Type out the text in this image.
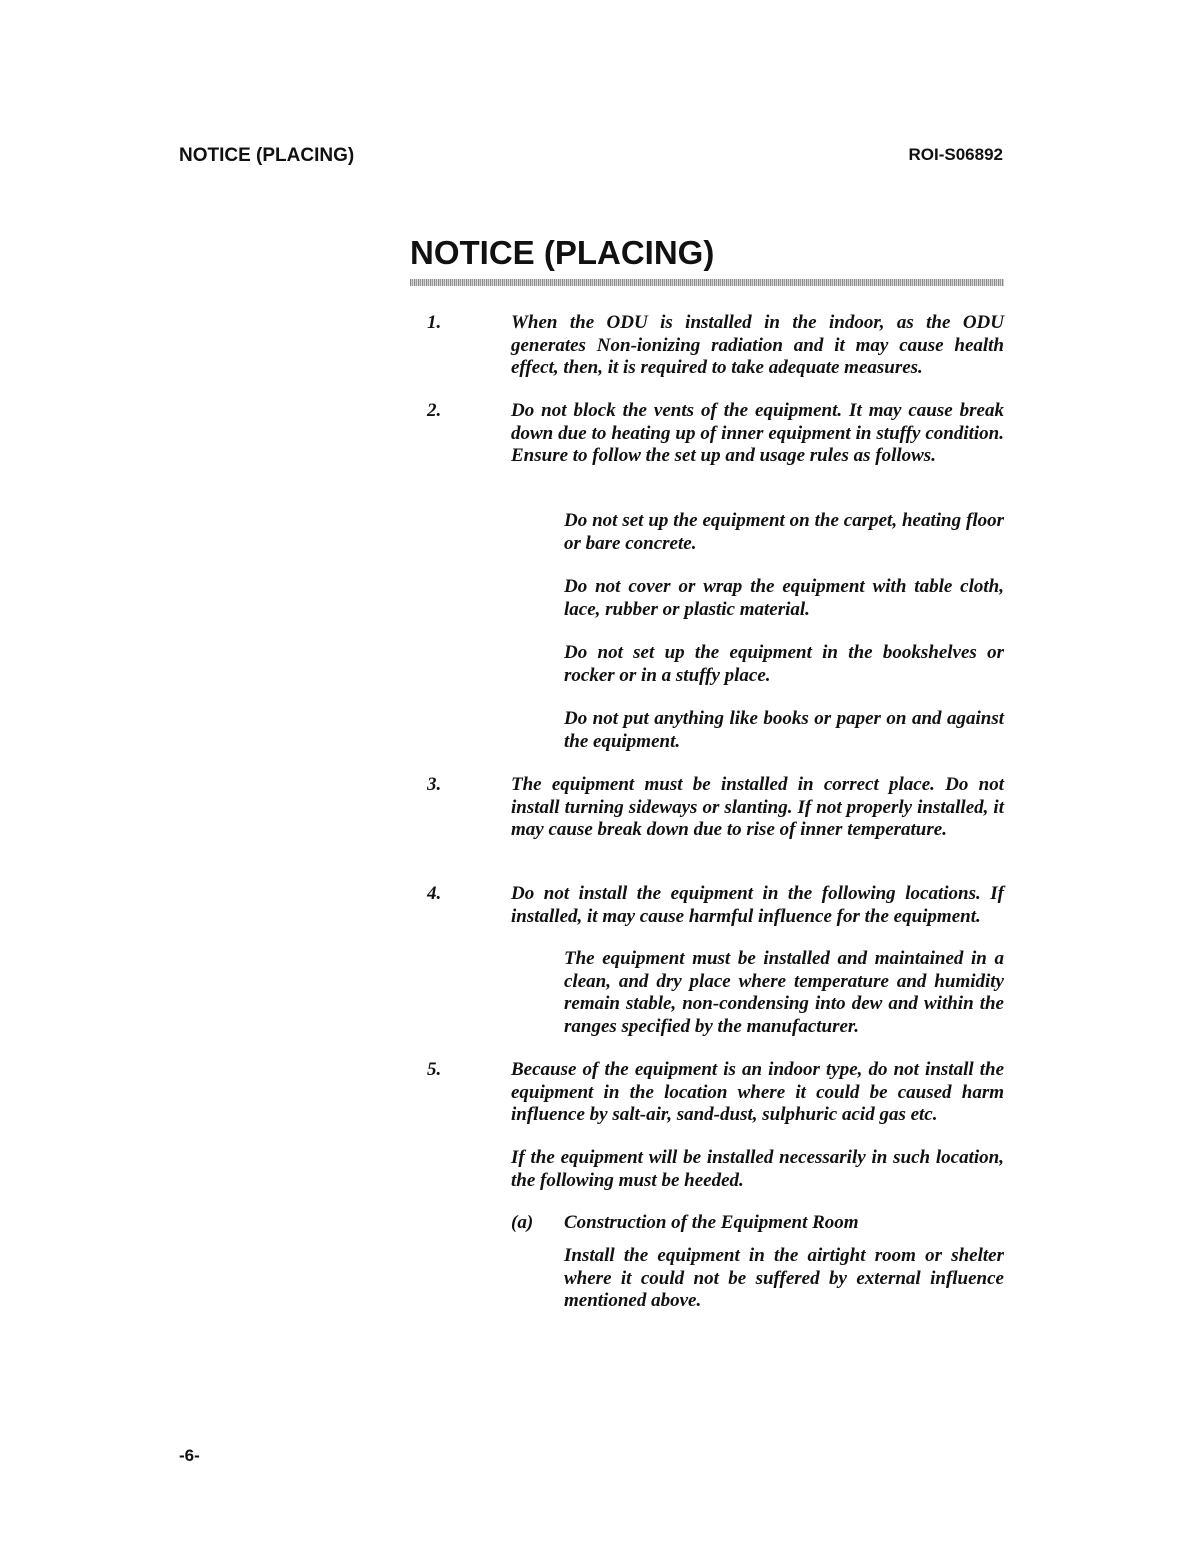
NOTICE (PLACING)	ROI-S06892
NOTICE (PLACING)
1.	When the ODU is installed in the indoor, as the ODU generates Non-ionizing radiation and it may cause health effect, then, it is required to take adequate measures.

2.	Do not block the vents of the equipment. It may cause break down due to heating up of inner equipment in stuffy condition. Ensure to follow the set up and usage rules as follows.

Do not set up the equipment on the carpet, heating floor or bare concrete.

Do not cover or wrap the equipment with table cloth, lace, rubber or plastic material.

Do not set up the equipment in the bookshelves or rocker or in a stuffy place.

Do not put anything like books or paper on and against the equipment.

3.	The equipment must be installed in correct place. Do not install turning sideways or slanting. If not properly installed, it may cause break down due to rise of inner temperature.

4.	Do not install the equipment in the following locations. If installed, it may cause harmful influence for the equipment.

The equipment must be installed and maintained in a clean, and dry place where temperature and humidity remain stable, non-condensing into dew and within the ranges specified by the manufacturer.

5.	Because of the equipment is an indoor type, do not install the equipment in the location where it could be caused harm influence by salt-air, sand-dust, sulphuric acid gas etc.

If the equipment will be installed necessarily in such location, the following must be heeded.

(a) Construction of the Equipment Room

Install the equipment in the airtight room or shelter where it could not be suffered by external influence mentioned above.

-6-
